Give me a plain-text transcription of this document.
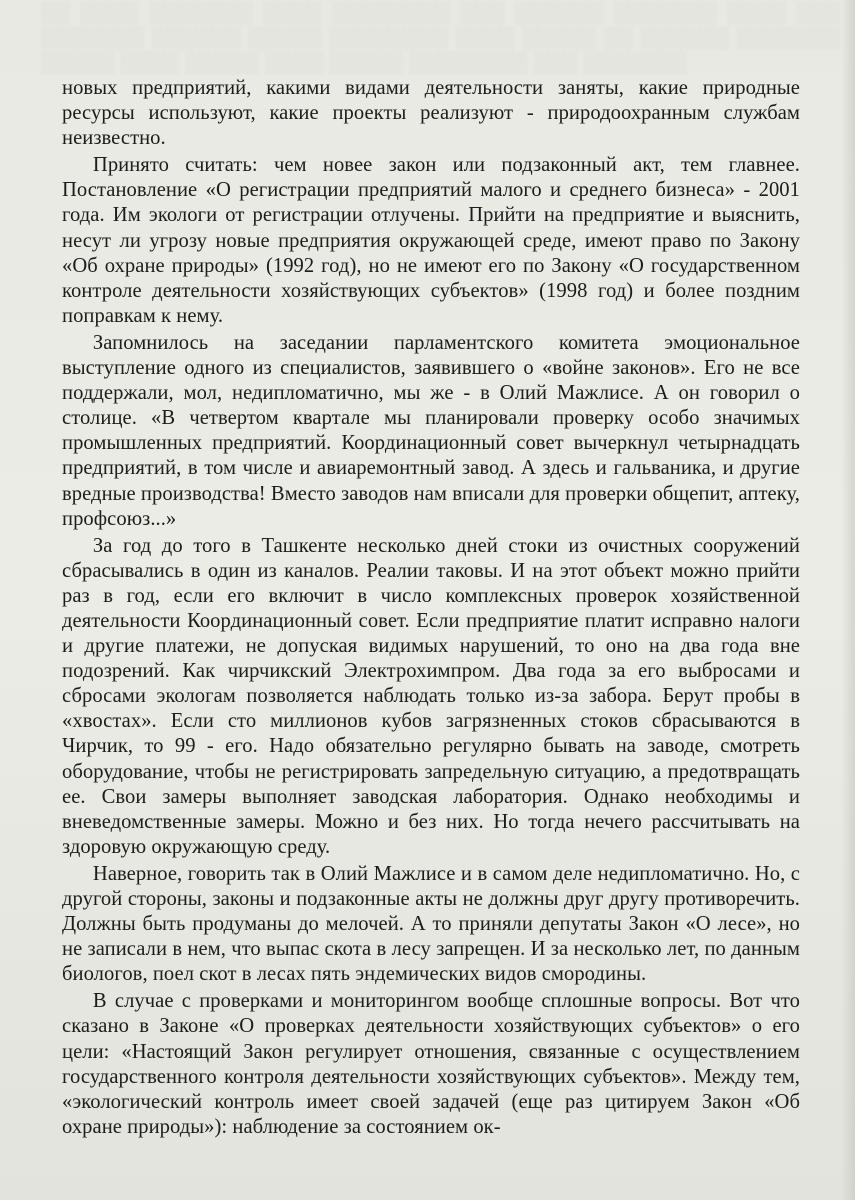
░░ ░░░░ ░░░░░░░ ░░░░ ░░░░░░░░ ░░░ ░░░░░░ ░░░░░░░ ░░░░ ░░░ ░░░░░░░ ░░░░░░ ░░░░░ ░░░░░░░░ ░░░░ ░░░░░ ░░ ░░░░░░ ░░░░░░░ ░░░░░ ░░░░ ░░░░░ ░░░░ ░░░░░ ░░░░░░░░ ░░░ ░░░░░░░

новых предприятий, какими видами деятельности заняты, какие природные ресурсы используют, какие проекты реализуют - природоохранным службам неизвестно.

Принято считать: чем новее закон или подзаконный акт, тем главнее. Постановление «О регистрации предприятий малого и среднего бизнеса» - 2001 года. Им экологи от регистрации отлучены. Прийти на предприятие и выяснить, несут ли угрозу новые предприятия окружающей среде, имеют право по Закону «Об охране природы» (1992 год), но не имеют его по Закону «О государственном контроле деятельности хозяйствующих субъектов» (1998 год) и более поздним поправкам к нему.

Запомнилось на заседании парламентского комитета эмоциональное выступление одного из специалистов, заявившего о «войне законов». Его не все поддержали, мол, недипломатично, мы же - в Олий Мажлисе. А он говорил о столице. «В четвертом квартале мы планировали проверку особо значимых промышленных предприятий. Координационный совет вычеркнул четырнадцать предприятий, в том числе и авиаремонтный завод. А здесь и гальваника, и другие вредные производства! Вместо заводов нам вписали для проверки общепит, аптеку, профсоюз...»

За год до того в Ташкенте несколько дней стоки из очистных сооружений сбрасывались в один из каналов. Реалии таковы. И на этот объект можно прийти раз в год, если его включит в число комплексных проверок хозяйственной деятельности Координационный совет. Если предприятие платит исправно налоги и другие платежи, не допуская видимых нарушений, то оно на два года вне подозрений. Как чирчикский Электрохимпром. Два года за его выбросами и сбросами экологам позволяется наблюдать только из-за забора. Берут пробы в «хвостах». Если сто миллионов кубов загрязненных стоков сбрасываются в Чирчик, то 99 - его. Надо обязательно регулярно бывать на заводе, смотреть оборудование, чтобы не регистрировать запредельную ситуацию, а предотвращать ее. Свои замеры выполняет заводская лаборатория. Однако необходимы и вневедомственные замеры. Можно и без них. Но тогда нечего рассчитывать на здоровую окружающую среду.

Наверное, говорить так в Олий Мажлисе и в самом деле недипломатично. Но, с другой стороны, законы и подзаконные акты не должны друг другу противоречить. Должны быть продуманы до мелочей. А то приняли депутаты Закон «О лесе», но не записали в нем, что выпас скота в лесу запрещен. И за несколько лет, по данным биологов, поел скот в лесах пять эндемических видов смородины.

В случае с проверками и мониторингом вообще сплошные вопросы. Вот что сказано в Законе «О проверках деятельности хозяйствующих субъектов» о его цели: «Настоящий Закон регулирует отношения, связанные с осуществлением государственного контроля деятельности хозяйствующих субъектов». Между тем, «экологический контроль имеет своей задачей (еще раз цитируем Закон «Об охране природы»): наблюдение за состоянием ок-
